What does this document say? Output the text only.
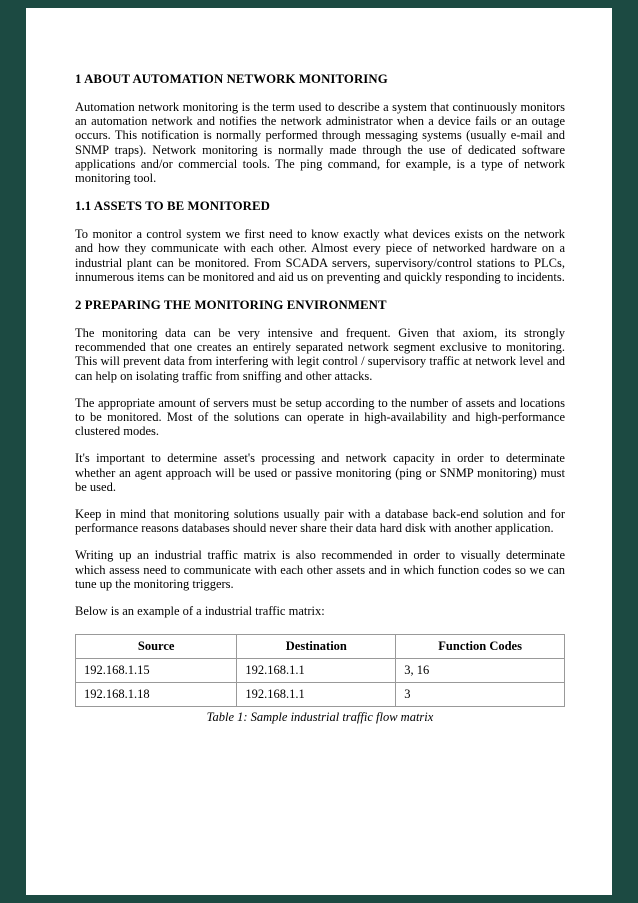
1 ABOUT AUTOMATION NETWORK MONITORING

Automation network monitoring is the term used to describe a system that continuously monitors an automation network and notifies the network administrator when a device fails or an outage occurs. This notification is normally performed through messaging systems (usually e-mail and SNMP traps). Network monitoring is normally made through the use of dedicated software applications and/or commercial tools. The ping command, for example, is a type of network monitoring tool.

1.1 ASSETS TO BE MONITORED

To monitor a control system we first need to know exactly what devices exists on the network and how they communicate with each other. Almost every piece of networked hardware on a industrial plant can be monitored. From SCADA servers, supervisory/control stations to PLCs, innumerous items can be monitored and aid us on preventing and quickly responding to incidents.

2 PREPARING THE MONITORING ENVIRONMENT

The monitoring data can be very intensive and frequent. Given that axiom, its strongly recommended that one creates an entirely separated network segment exclusive to monitoring. This will prevent data from interfering with legit control / supervisory traffic at network level and can help on isolating traffic from sniffing and other attacks.

The appropriate amount of servers must be setup according to the number of assets and locations to be monitored. Most of the solutions can operate in high-availability and high-performance clustered modes.

It's important to determine asset's processing and network capacity in order to determinate whether an agent approach will be used or passive monitoring (ping or SNMP monitoring) must be used.

Keep in mind that monitoring solutions usually pair with a database back-end solution and for performance reasons databases should never share their data hard disk with another application.

Writing up an industrial traffic matrix is also recommended in order to visually determinate which assess need to communicate with each other assets and in which function codes so we can tune up the monitoring triggers.

Below is an example of a industrial traffic matrix:

Source	Destination	Function Codes
192.168.1.15	192.168.1.1	3, 16
192.168.1.18	192.168.1.1	3

Table 1: Sample industrial traffic flow matrix
